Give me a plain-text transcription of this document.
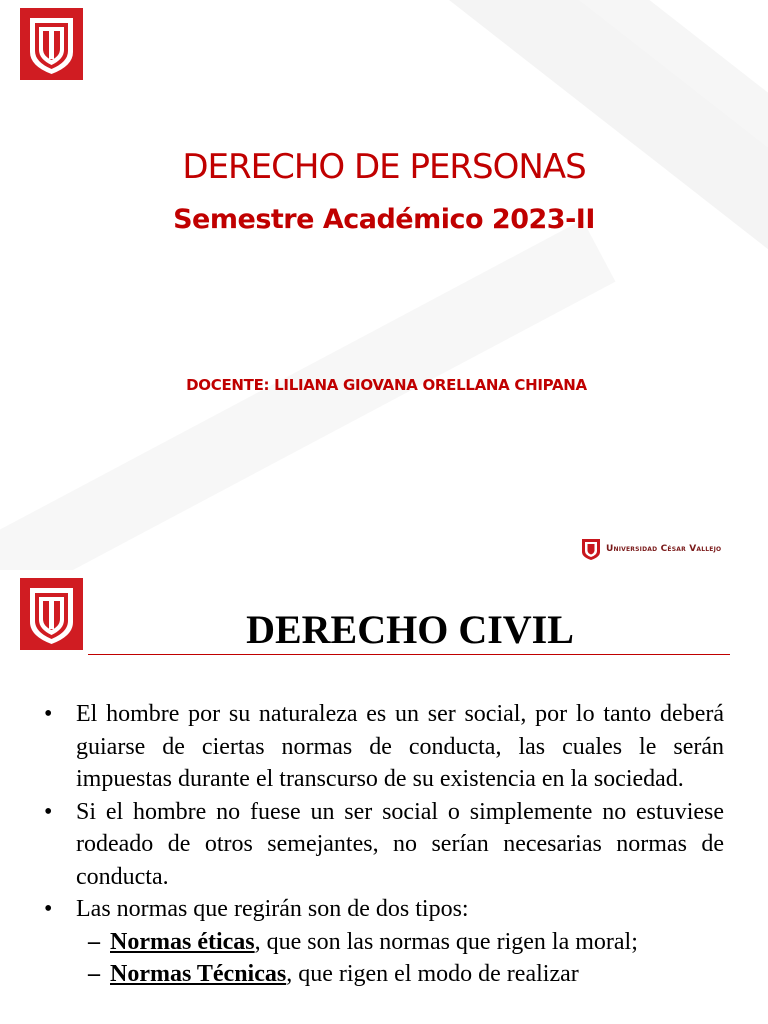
DERECHO DE PERSONAS
Semestre Académico 2023-II
DOCENTE: LILIANA GIOVANA ORELLANA CHIPANA
Universidad César Vallejo
DERECHO CIVIL
• El hombre por su naturaleza es un ser social, por lo tanto deberá guiarse de ciertas normas de conducta, las cuales le serán impuestas durante el transcurso de su existencia en la sociedad.
• Si el hombre no fuese un ser social o simplemente no estuviese rodeado de otros semejantes, no serían necesarias normas de conducta.
• Las normas que regirán son de dos tipos:
– Normas éticas, que son las normas que rigen la moral;
– Normas Técnicas, que rigen el modo de realizar
